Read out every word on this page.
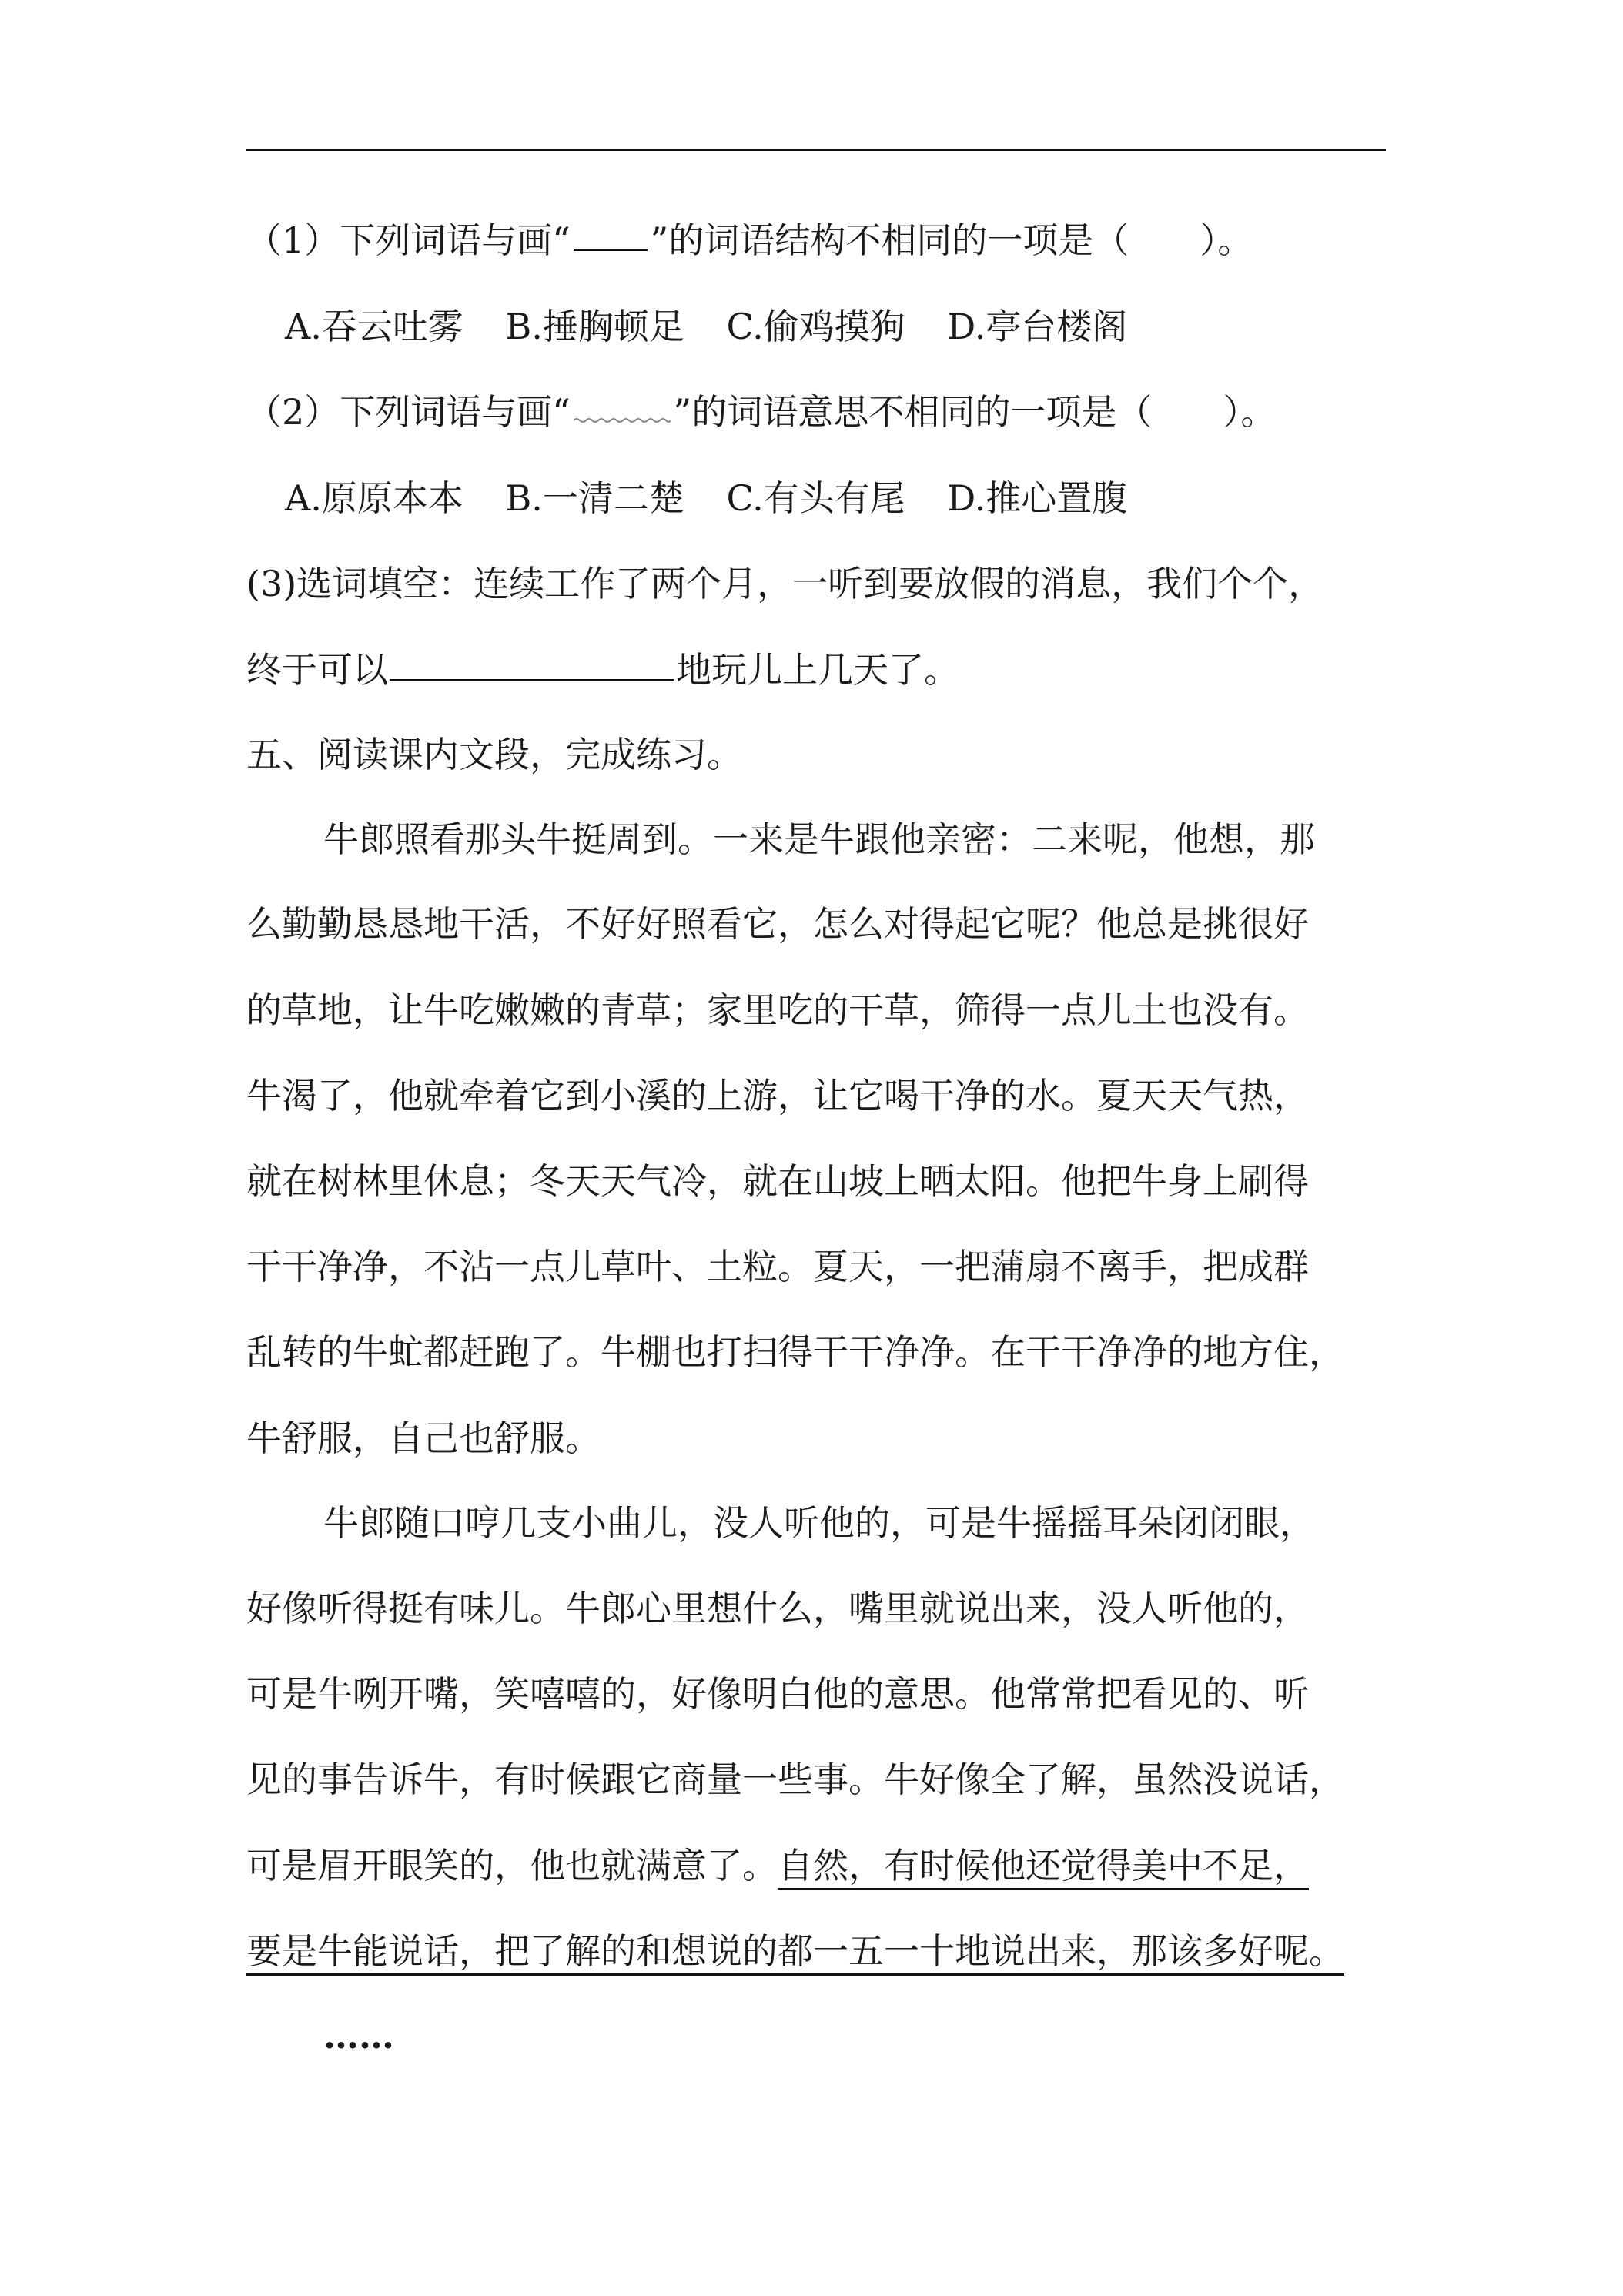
（1）下列词语与画“ ”的词语结构不相同的一项是（　　）。
A.吞云吐雾 B.捶胸顿足 C.偷鸡摸狗 D.亭台楼阁
（2）下列词语与画“	”的词语意思不相同的一项是（　　）。
A.原原本本 B.一清二楚 C.有头有尾 D.推心置腹
(3)选词填空：连续工作了两个月，一听到要放假的消息，我们个个，
终于可以	地玩儿上几天了。
五、阅读课内文段，完成练习。
牛郎照看那头牛挺周到。一来是牛跟他亲密：二来呢，他想，那
么勤勤恳恳地干活，不好好照看它，怎么对得起它呢？他总是挑很好
的草地，让牛吃嫩嫩的青草；家里吃的干草，筛得一点儿土也没有。
牛渴了，他就牵着它到小溪的上游，让它喝干净的水。夏天天气热，
就在树林里休息；冬天天气冷，就在山坡上晒太阳。他把牛身上刷得
干干净净，不沾一点儿草叶、土粒。夏天，一把蒲扇不离手，把成群
乱转的牛虻都赶跑了。牛棚也打扫得干干净净。在干干净净的地方住，
牛舒服，自己也舒服。
牛郎随口哼几支小曲儿，没人听他的，可是牛摇摇耳朵闭闭眼，
好像听得挺有味儿。牛郎心里想什么，嘴里就说出来，没人听他的，
可是牛咧开嘴，笑嘻嘻的，好像明白他的意思。他常常把看见的、听
见的事告诉牛，有时候跟它商量一些事。牛好像全了解，虽然没说话，
可是眉开眼笑的，他也就满意了。自然，有时候他还觉得美中不足，
要是牛能说话，把了解的和想说的都一五一十地说出来，那该多好呢。
……
